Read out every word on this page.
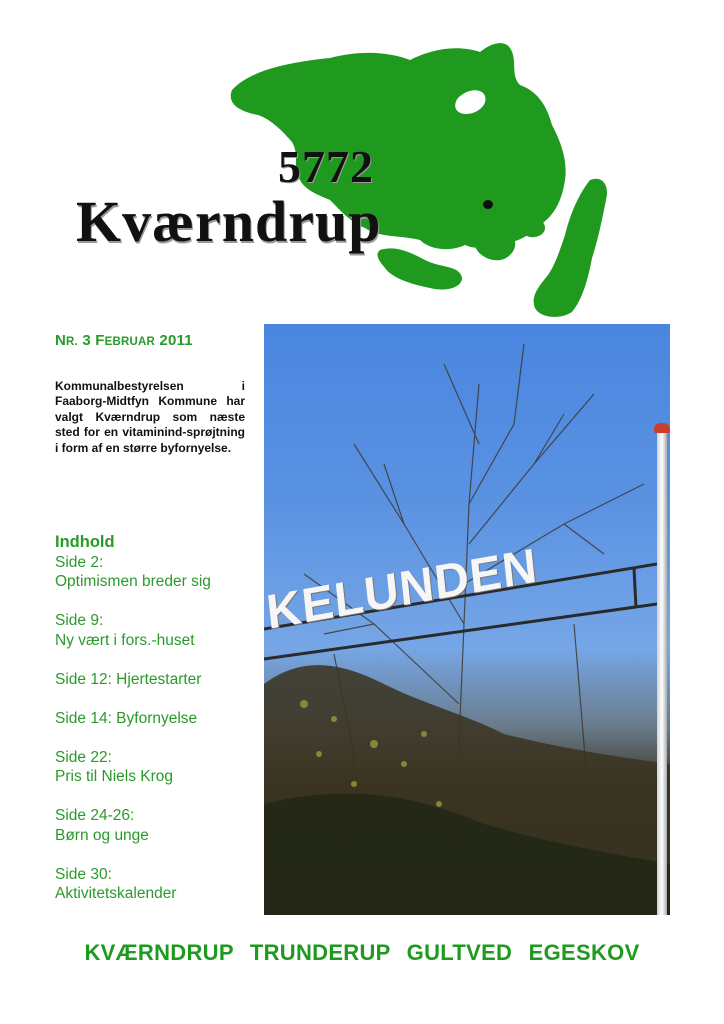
5772
Kværndrup
NR. 3 FEBRUAR 2011
Kommunalbestyrelsen i Faaborg-Midtfyn Kommune har valgt Kværndrup som næste sted for en vitaminind-sprøjtning i form af en større byfornyelse.
Indhold
Side 2:
Optimismen breder sig
Side 9:
Ny vært i fors.-huset
Side 12: Hjertestarter
Side 14: Byfornyelse
Side 22:
Pris til Niels Krog
Side 24-26:
Børn og unge
Side 30:
Aktivitetskalender
KELUNDEN
KVÆRNDRUP TRUNDERUP GULTVED EGESKOV
